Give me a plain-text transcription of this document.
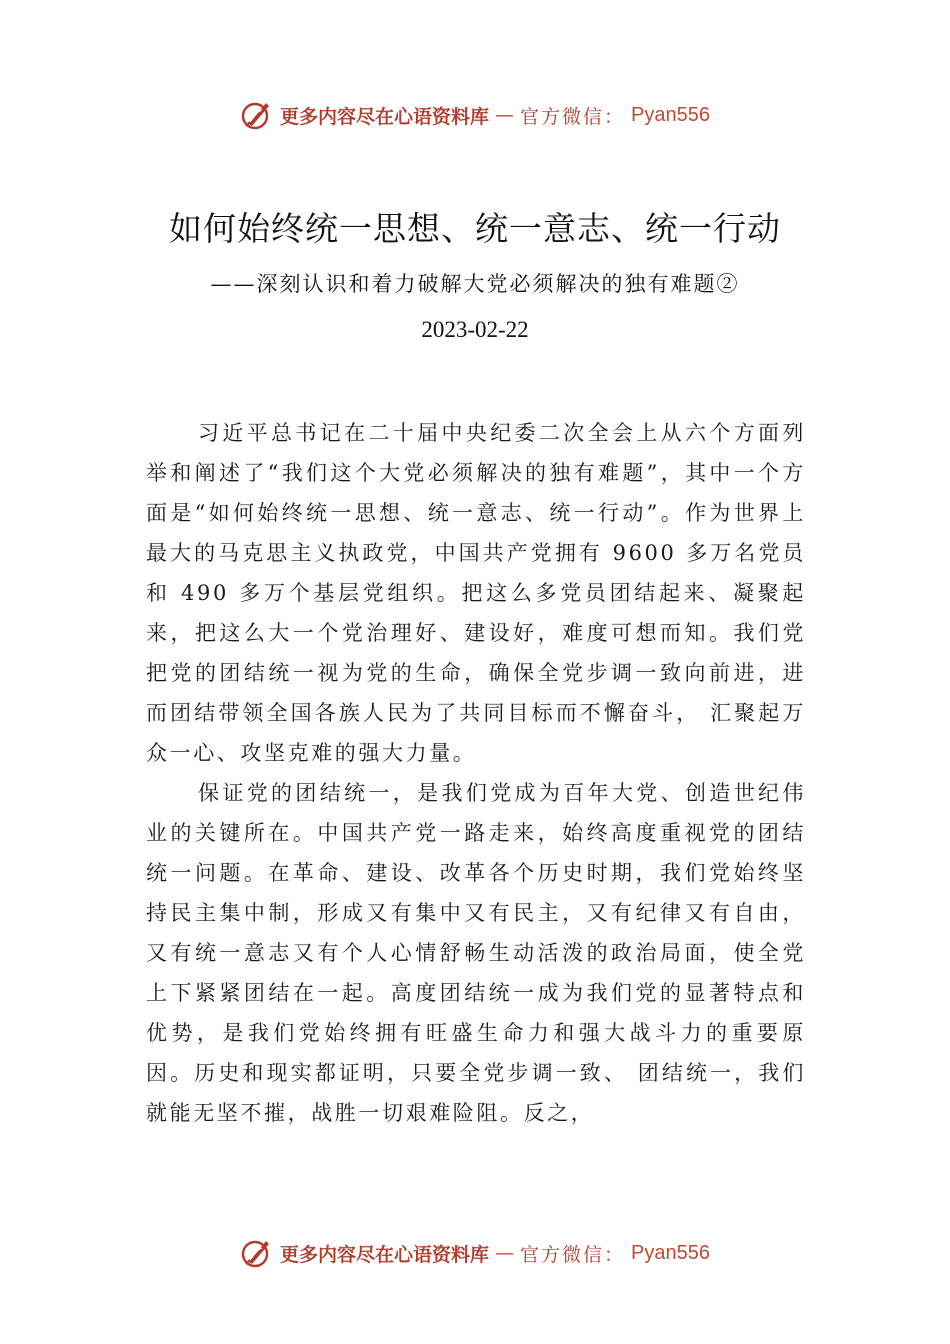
更多内容尽在心语资料库 — 官方微信： Pyan556
如何始终统一思想、统一意志、统一行动
——深刻认识和着力破解大党必须解决的独有难题②
2023-02-22

习近平总书记在二十届中央纪委二次全会上从六个方面列举和阐述了“我们这个大党必须解决的独有难题”，其中一个方面是“如何始终统一思想、统一意志、统一行动”。作为世界上最大的马克思主义执政党，中国共产党拥有 9600 多万名党员和 490 多万个基层党组织。把这么多党员团结起来、凝聚起来，把这么大一个党治理好、建设好，难度可想而知。我们党把党的团结统一视为党的生命，确保全党步调一致向前进，进而团结带领全国各族人民为了共同目标而不懈奋斗， 汇聚起万众一心、攻坚克难的强大力量。

保证党的团结统一，是我们党成为百年大党、创造世纪伟业的关键所在。中国共产党一路走来，始终高度重视党的团结统一问题。在革命、建设、改革各个历史时期，我们党始终坚持民主集中制，形成又有集中又有民主，又有纪律又有自由，又有统一意志又有个人心情舒畅生动活泼的政治局面，使全党上下紧紧团结在一起。高度团结统一成为我们党的显著特点和优势，是我们党始终拥有旺盛生命力和强大战斗力的重要原因。历史和现实都证明，只要全党步调一致、 团结统一，我们就能无坚不摧，战胜一切艰难险阻。反之，

更多内容尽在心语资料库 — 官方微信： Pyan556
